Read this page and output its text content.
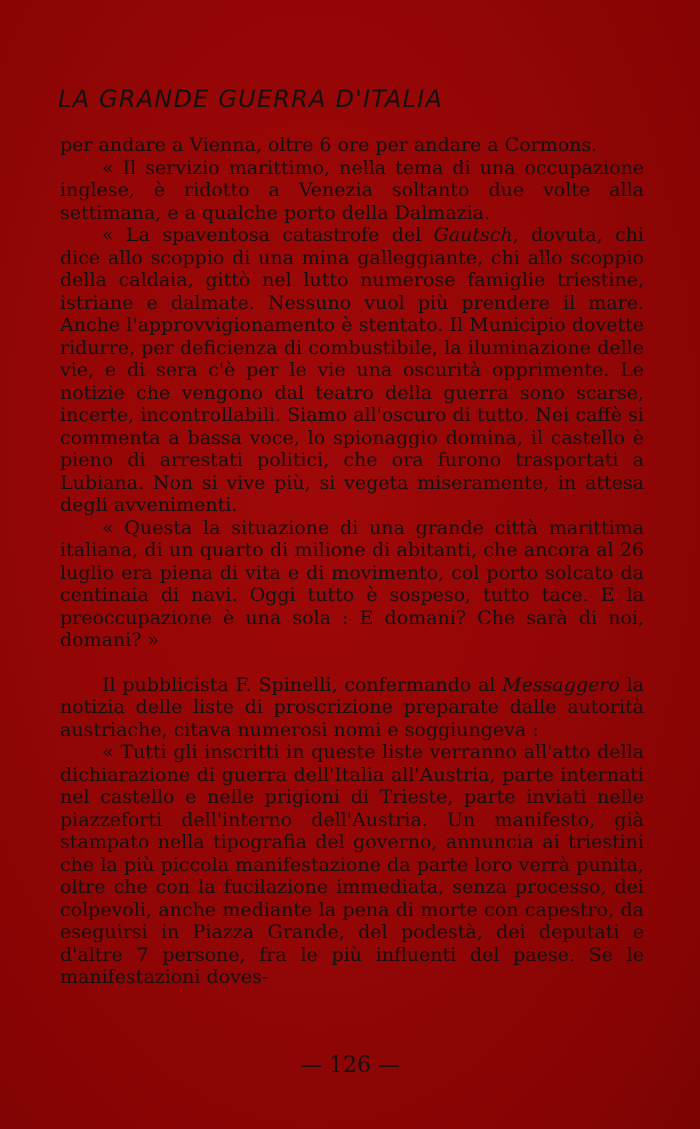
LA GRANDE GUERRA D'ITALIA

per andare a Vienna, oltre 6 ore per andare a Cormons.

« Il servizio marittimo, nella tema di una occupazione inglese, è ridotto a Venezia soltanto due volte alla settimana, e a qualche porto della Dalmazia.

« La spaventosa catastrofe del Gautsch, dovuta, chi dice allo scoppio di una mina galleggiante, chi allo scoppio della caldaia, gittò nel lutto numerose famiglie triestine, istriane e dalmate. Nessuno vuol più prendere il mare. Anche l'approvvigionamento è stentato. Il Municipio dovette ridurre, per deficienza di combustibile, la iluminazione delle vie, e di sera c'è per le vie una oscurità opprimente. Le notizie che vengono dal teatro della guerra sono scarse, incerte, incontrollabili. Siamo all'oscuro di tutto. Nei caffè si commenta a bassa voce, lo spionaggio domina, il castello è pieno di arrestati politici, che ora furono trasportati a Lubiana. Non si vive più, si vegeta miseramente, in attesa degli avvenimenti.

« Questa la situazione di una grande città marittima italiana, di un quarto di milione di abitanti, che ancora al 26 luglio era piena di vita e di movimento, col porto solcato da centinaia di navi. Oggi tutto è sospeso, tutto tace. E la preoccupazione è una sola : E domani? Che sarà di noi, domani? »

Il pubblicista F. Spinelli, confermando al Messaggero la notizia delle liste di proscrizione preparate dalle autorità austriache, citava numerosi nomi e soggiungeva :

« Tutti gli inscritti in queste liste verranno all'atto della dichiarazione di guerra dell'Italia all'Austria, parte internati nel castello e nelle prigioni di Trieste, parte inviati nelle piazzeforti dell'interno dell'Austria. Un manifesto, già stampato nella tipografia del governo, annuncia ai triestini che la più piccola manifestazione da parte loro verrà punita, oltre che con la fucilazione immediata, senza processo, dei colpevoli, anche mediante la pena di morte con capestro, da eseguirsi in Piazza Grande, del podestà, dei deputati e d'altre 7 persone, fra le più influenti del paese. Se le manifestazioni doves-

— 126 —
